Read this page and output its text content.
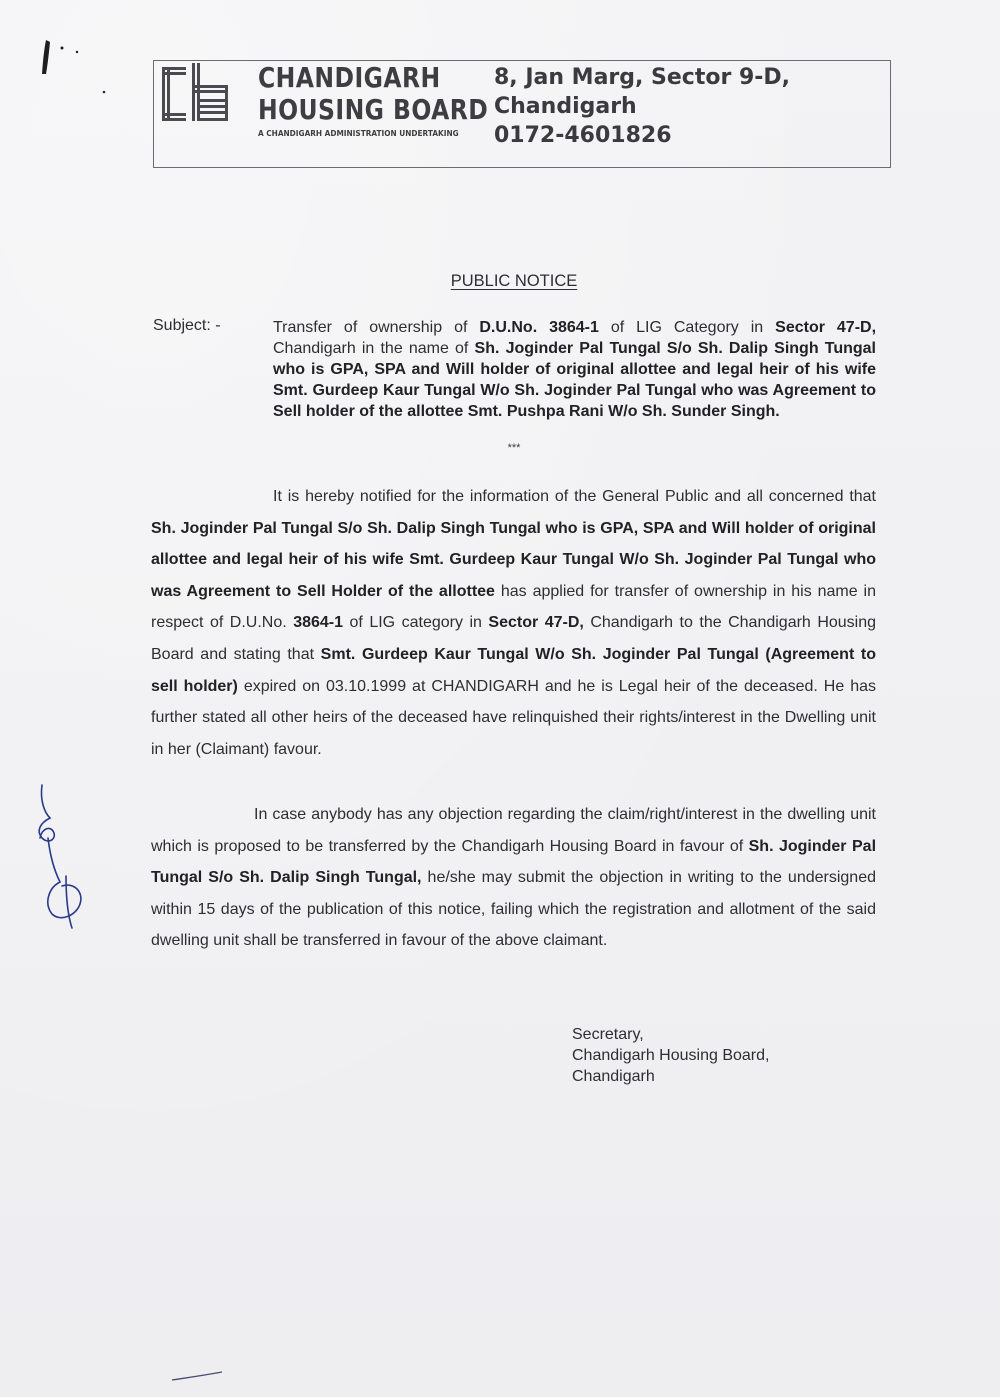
CHANDIGARH
HOUSING BOARD
A CHANDIGARH ADMINISTRATION UNDERTAKING
8, Jan Marg, Sector 9-D,
Chandigarh
0172-4601826
PUBLIC NOTICE
Subject: -	Transfer of ownership of D.U.No. 3864-1 of LIG Category in Sector 47-D, Chandigarh in the name of Sh. Joginder Pal Tungal S/o Sh. Dalip Singh Tungal who is GPA, SPA and Will holder of original allottee and legal heir of his wife Smt. Gurdeep Kaur Tungal W/o Sh. Joginder Pal Tungal who was Agreement to Sell holder of the allottee Smt. Pushpa Rani W/o Sh. Sunder Singh.
***
It is hereby notified for the information of the General Public and all concerned that Sh. Joginder Pal Tungal S/o Sh. Dalip Singh Tungal who is GPA, SPA and Will holder of original allottee and legal heir of his wife Smt. Gurdeep Kaur Tungal W/o Sh. Joginder Pal Tungal who was Agreement to Sell Holder of the allottee has applied for transfer of ownership in his name in respect of D.U.No. 3864-1 of LIG category in Sector 47-D, Chandigarh to the Chandigarh Housing Board and stating that Smt. Gurdeep Kaur Tungal W/o Sh. Joginder Pal Tungal (Agreement to sell holder) expired on 03.10.1999 at CHANDIGARH and he is Legal heir of the deceased. He has further stated all other heirs of the deceased have relinquished their rights/interest in the Dwelling unit in her (Claimant) favour.
In case anybody has any objection regarding the claim/right/interest in the dwelling unit which is proposed to be transferred by the Chandigarh Housing Board in favour of Sh. Joginder Pal Tungal S/o Sh. Dalip Singh Tungal, he/she may submit the objection in writing to the undersigned within 15 days of the publication of this notice, failing which the registration and allotment of the said dwelling unit shall be transferred in favour of the above claimant.
Secretary,
Chandigarh Housing Board,
Chandigarh
